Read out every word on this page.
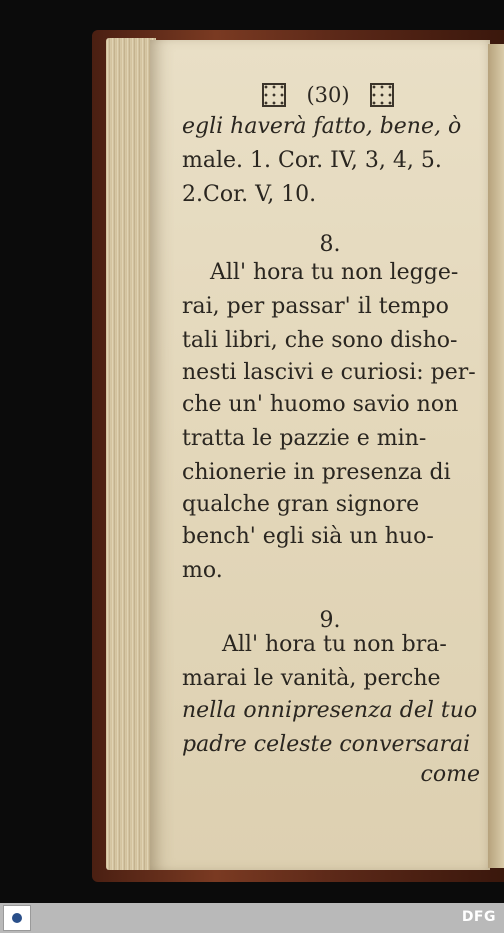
(30)
egli haverà fatto, bene, ò
male. 1. Cor. IV, 3, 4, 5.
2.Cor. V, 10.
8.
All' hora tu non legge-
rai, per passar' il tempo
tali libri, che sono disho-
nesti lascivi e curiosi: per-
che un' huomo savio non
tratta le pazzie e min-
chionerie in presenza di
qualche gran signore
bench' egli sià un huo-
mo.
9.
All' hora tu non bra-
marai le vanità, perche
nella onnipresenza del tuo
padre celeste conversarai
come
DFG
